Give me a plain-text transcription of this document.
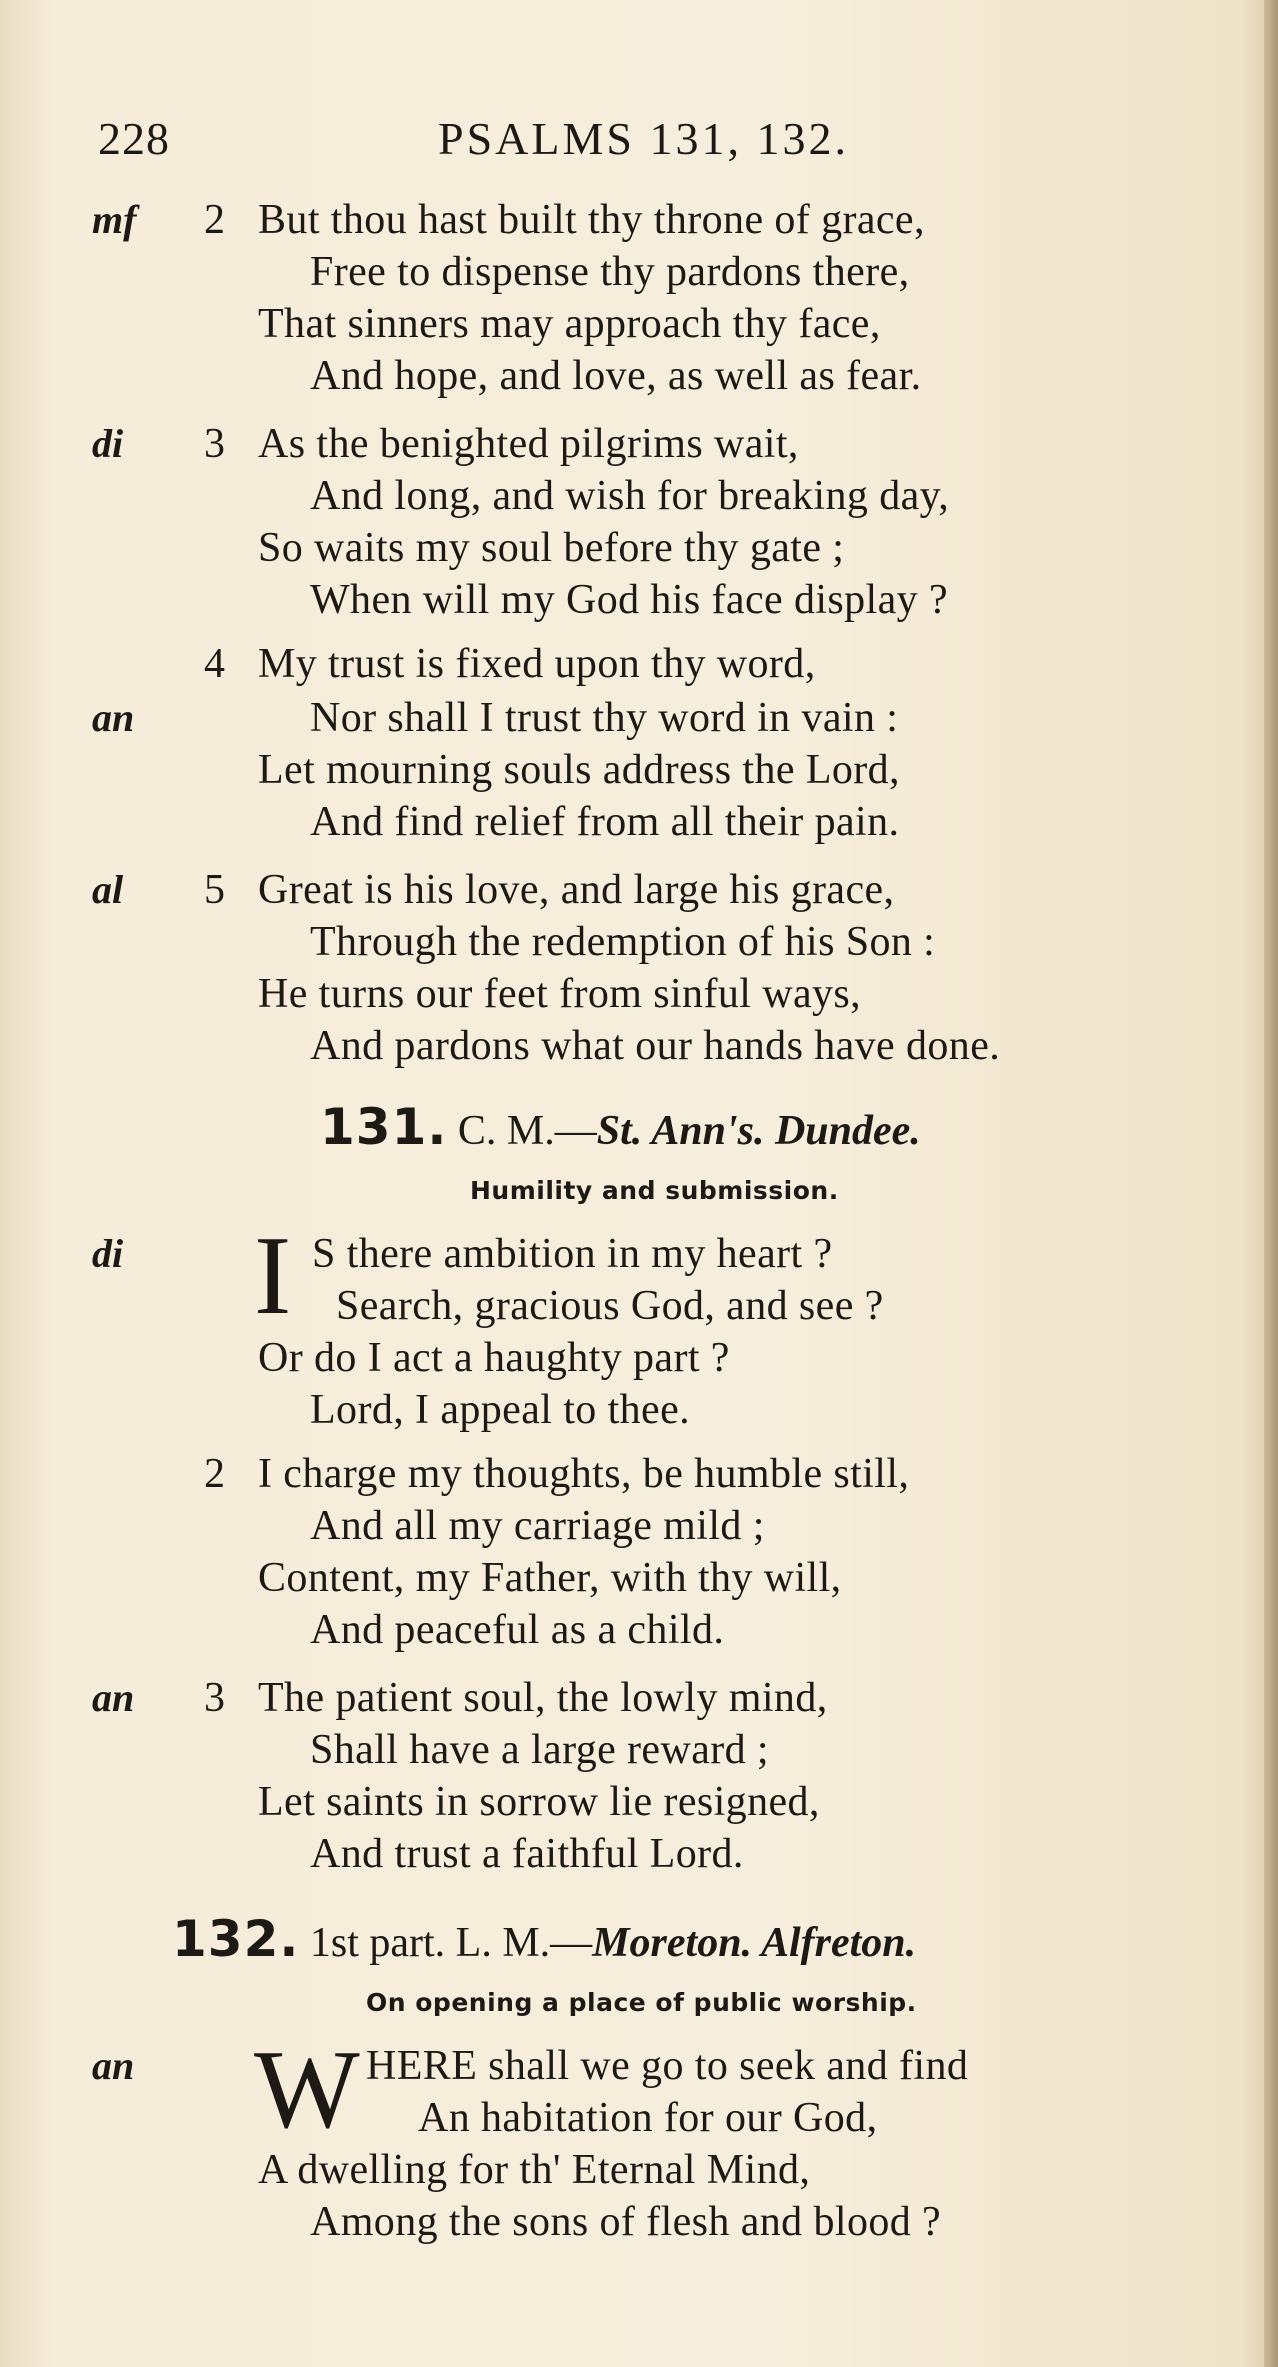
228	PSALMS 131, 132.
mf 2 But thou hast built thy throne of grace,
Free to dispense thy pardons there,
That sinners may approach thy face,
And hope, and love, as well as fear.
di 3 As the benighted pilgrims wait,
And long, and wish for breaking day,
So waits my soul before thy gate ;
When will my God his face display ?
4 My trust is fixed upon thy word,
an	Nor shall I trust thy word in vain :
Let mourning souls address the Lord,
And find relief from all their pain.
al 5 Great is his love, and large his grace,
Through the redemption of his Son :
He turns our feet from sinful ways,
And pardons what our hands have done.
131. C. M.—St. Ann's. Dundee.
Humility and submission.
di I S there ambition in my heart ?
Search, gracious God, and see ?
Or do I act a haughty part ?
Lord, I appeal to thee.
2 I charge my thoughts, be humble still,
And all my carriage mild ;
Content, my Father, with thy will,
And peaceful as a child.
an 3 The patient soul, the lowly mind,
Shall have a large reward ;
Let saints in sorrow lie resigned,
And trust a faithful Lord.
132. 1st part. L. M.—Moreton. Alfreton.
On opening a place of public worship.
an W HERE shall we go to seek and find
An habitation for our God,
A dwelling for th' Eternal Mind,
Among the sons of flesh and blood ?
